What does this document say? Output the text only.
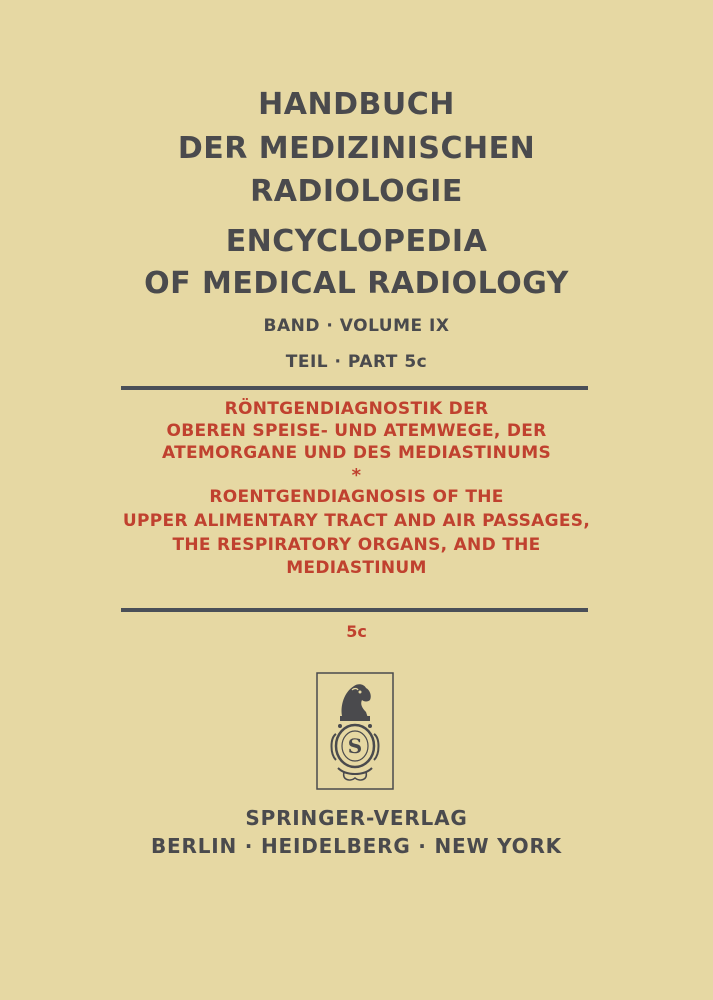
HANDBUCH
DER MEDIZINISCHEN
RADIOLOGIE
ENCYCLOPEDIA
OF MEDICAL RADIOLOGY
BAND · VOLUME IX
TEIL · PART 5c
RÖNTGENDIAGNOSTIK DER
OBEREN SPEISE- UND ATEMWEGE, DER
ATEMORGANE UND DES MEDIASTINUMS
*
ROENTGENDIAGNOSIS OF THE
UPPER ALIMENTARY TRACT AND AIR PASSAGES,
THE RESPIRATORY ORGANS, AND THE
MEDIASTINUM
5c
S
SPRINGER-VERLAG
BERLIN · HEIDELBERG · NEW YORK
